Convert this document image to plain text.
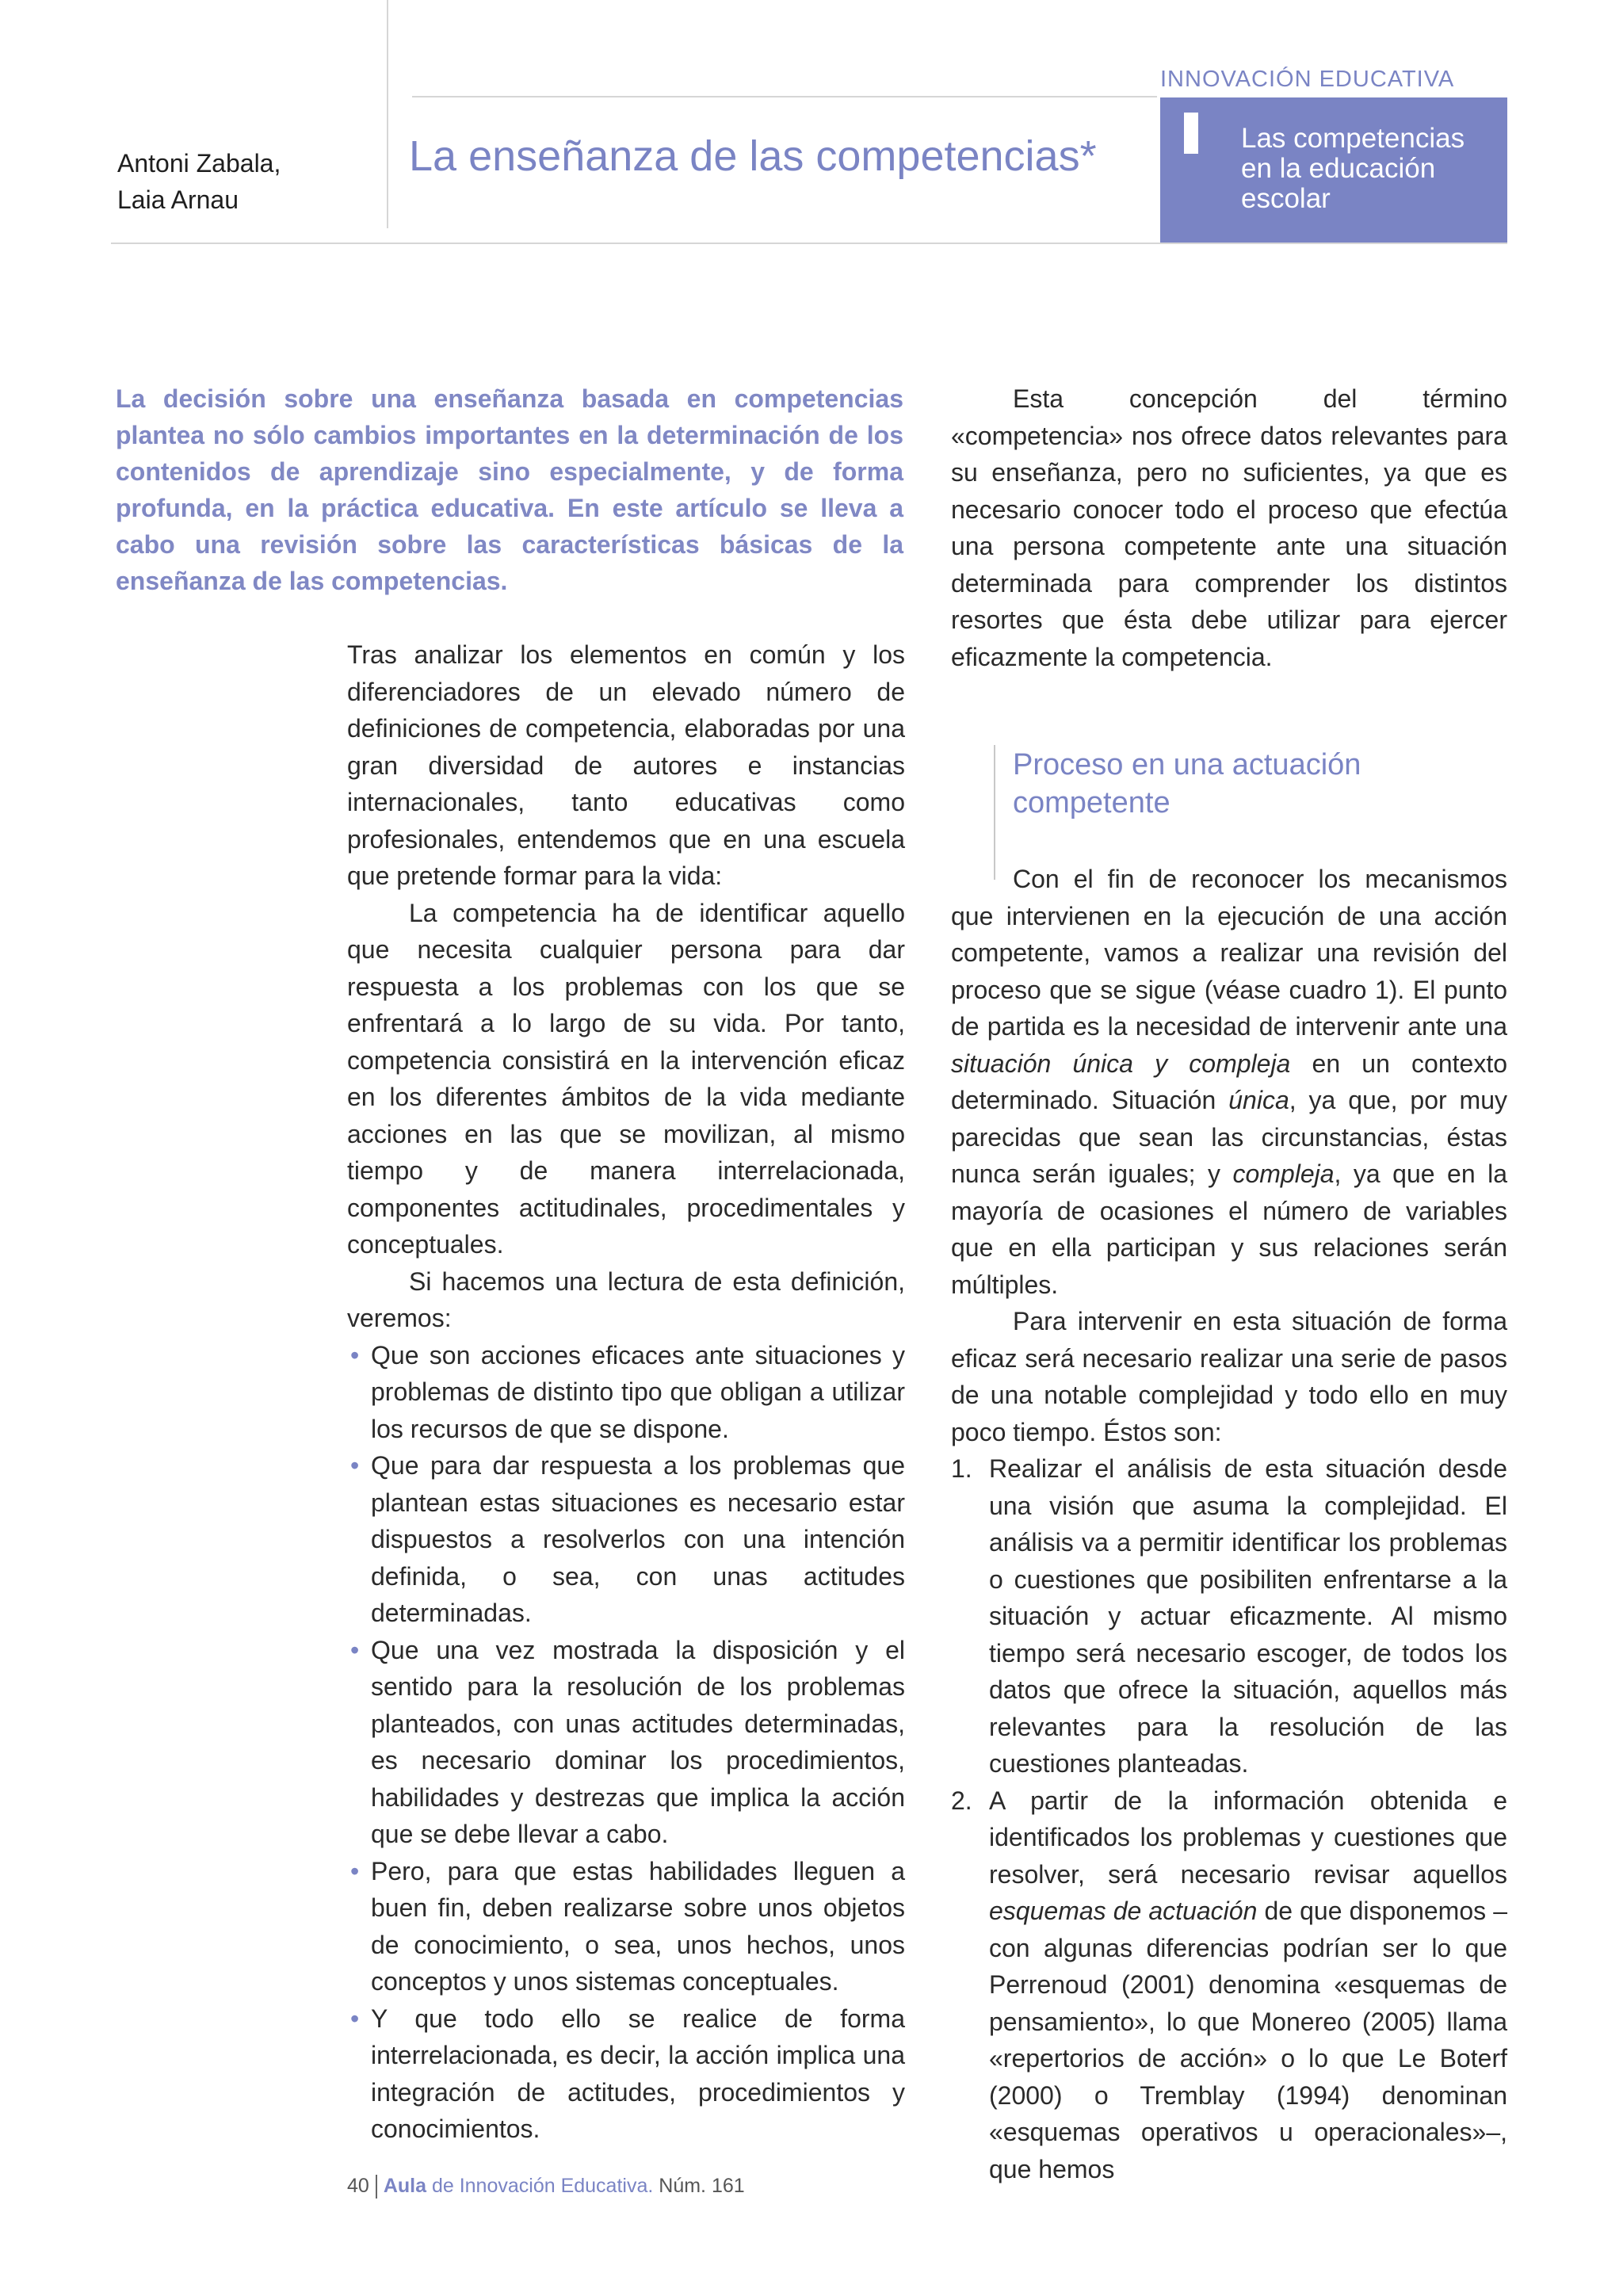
Antoni Zabala,
Laia Arnau
La enseñanza de las competencias*
INNOVACIÓN EDUCATIVA
Las competencias
en la educación
escolar
La decisión sobre una enseñanza basada en competencias plantea no sólo cambios importantes en la determinación de los contenidos de aprendizaje sino especialmente, y de forma profunda, en la práctica educativa. En este artículo se lleva a cabo una revisión sobre las características básicas de la enseñanza de las competencias.

Tras analizar los elementos en común y los diferenciadores de un elevado número de definiciones de competencia, elaboradas por una gran diversidad de autores e instancias internacionales, tanto educativas como profesionales, entendemos que en una escuela que pretende formar para la vida:

La competencia ha de identificar aquello que necesita cualquier persona para dar respuesta a los problemas con los que se enfrentará a lo largo de su vida. Por tanto, competencia consistirá en la intervención eficaz en los diferentes ámbitos de la vida mediante acciones en las que se movilizan, al mismo tiempo y de manera interrelacionada, componentes actitudinales, procedimentales y conceptuales.

Si hacemos una lectura de esta definición, veremos:

• Que son acciones eficaces ante situaciones y problemas de distinto tipo que obligan a utilizar los recursos de que se dispone.
• Que para dar respuesta a los problemas que plantean estas situaciones es necesario estar dispuestos a resolverlos con una intención definida, o sea, con unas actitudes determinadas.
• Que una vez mostrada la disposición y el sentido para la resolución de los problemas planteados, con unas actitudes determinadas, es necesario dominar los procedimientos, habilidades y destrezas que implica la acción que se debe llevar a cabo.
• Pero, para que estas habilidades lleguen a buen fin, deben realizarse sobre unos objetos de conocimiento, o sea, unos hechos, unos conceptos y unos sistemas conceptuales.
• Y que todo ello se realice de forma interrelacionada, es decir, la acción implica una integración de actitudes, procedimientos y conocimientos.

Esta concepción del término «competencia» nos ofrece datos relevantes para su enseñanza, pero no suficientes, ya que es necesario conocer todo el proceso que efectúa una persona competente ante una situación determinada para comprender los distintos resortes que ésta debe utilizar para ejercer eficazmente la competencia.

Proceso en una actuación
competente

Con el fin de reconocer los mecanismos que intervienen en la ejecución de una acción competente, vamos a realizar una revisión del proceso que se sigue (véase cuadro 1). El punto de partida es la necesidad de intervenir ante una situación única y compleja en un contexto determinado. Situación única, ya que, por muy parecidas que sean las circunstancias, éstas nunca serán iguales; y compleja, ya que en la mayoría de ocasiones el número de variables que en ella participan y sus relaciones serán múltiples.

Para intervenir en esta situación de forma eficaz será necesario realizar una serie de pasos de una notable complejidad y todo ello en muy poco tiempo. Éstos son:

1. Realizar el análisis de esta situación desde una visión que asuma la complejidad. El análisis va a permitir identificar los problemas o cuestiones que posibiliten enfrentarse a la situación y actuar eficazmente. Al mismo tiempo será necesario escoger, de todos los datos que ofrece la situación, aquellos más relevantes para la resolución de las cuestiones planteadas.
2. A partir de la información obtenida e identificados los problemas y cuestiones que resolver, será necesario revisar aquellos esquemas de actuación de que disponemos –con algunas diferencias podrían ser lo que Perrenoud (2001) denomina «esquemas de pensamiento», lo que Monereo (2005) llama «repertorios de acción» o lo que Le Boterf (2000) o Tremblay (1994) denominan «esquemas operativos u operacionales»–, que hemos
40 Aula de Innovación Educativa. Núm. 161
